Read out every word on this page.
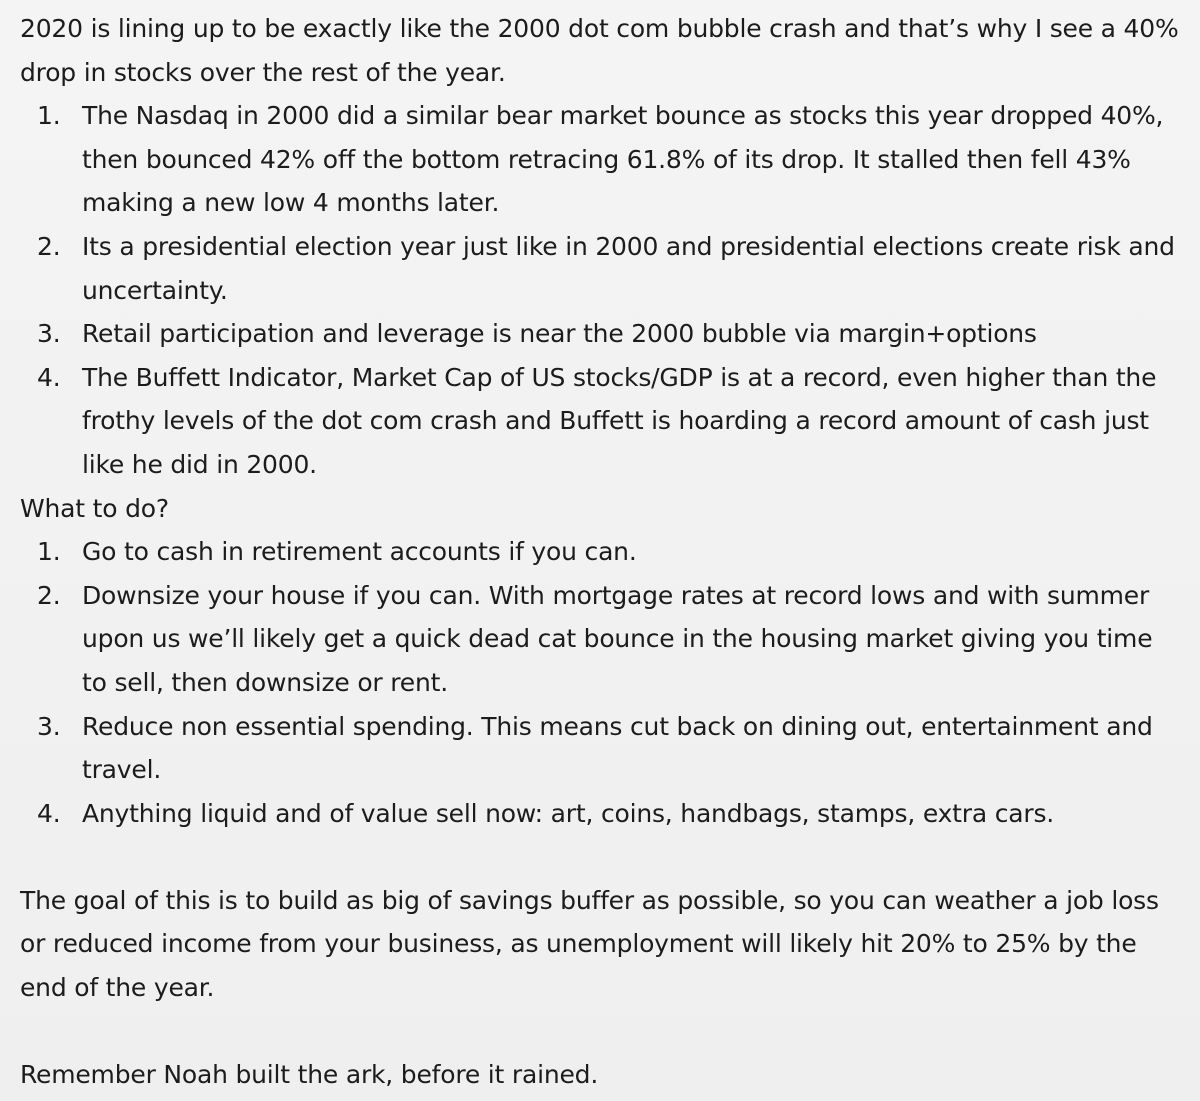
2020 is lining up to be exactly like the 2000 dot com bubble crash and that’s why I see a 40% drop in stocks over the rest of the year.

1. The Nasdaq in 2000 did a similar bear market bounce as stocks this year dropped 40%, then bounced 42% off the bottom retracing 61.8% of its drop. It stalled then fell 43% making a new low 4 months later.
2. Its a presidential election year just like in 2000 and presidential elections create risk and uncertainty.
3. Retail participation and leverage is near the 2000 bubble via margin+options
4. The Buffett Indicator, Market Cap of US stocks/GDP is at a record, even higher than the frothy levels of the dot com crash and Buffett is hoarding a record amount of cash just like he did in 2000.

What to do?

1. Go to cash in retirement accounts if you can.
2. Downsize your house if you can. With mortgage rates at record lows and with summer upon us we’ll likely get a quick dead cat bounce in the housing market giving you time to sell, then downsize or rent.
3. Reduce non essential spending. This means cut back on dining out, entertainment and travel.
4. Anything liquid and of value sell now: art, coins, handbags, stamps, extra cars.

The goal of this is to build as big of savings buffer as possible, so you can weather a job loss or reduced income from your business, as unemployment will likely hit 20% to 25% by the end of the year.

Remember Noah built the ark, before it rained.
